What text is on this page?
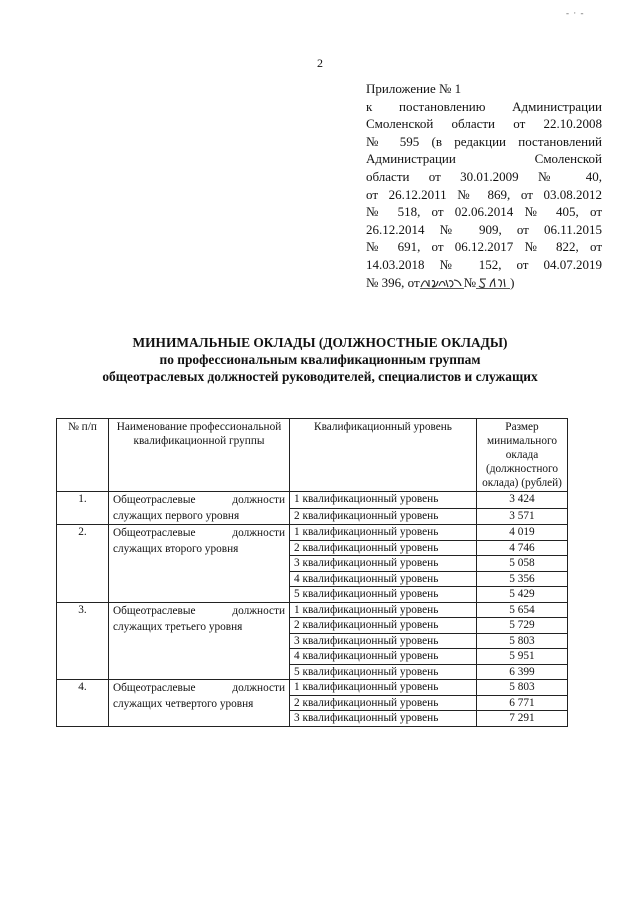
- · -
2
Приложение № 1
к постановлению Администрации
Смоленской области от 22.10.2008
№ 595 (в редакции постановлений
Администрации Смоленской
области от 30.01.2009 № 40,
от 26.12.2011 № 869, от 03.08.2012
№ 518, от 02.06.2014 № 405, от
26.12.2014 № 909, от 06.11.2015
№ 691, от 06.12.2017 № 822, от
14.03.2018 № 152, от 04.07.2019
№ 396, от	№	)
МИНИМАЛЬНЫЕ ОКЛАДЫ (ДОЛЖНОСТНЫЕ ОКЛАДЫ)
по профессиональным квалификационным группам
общеотраслевых должностей руководителей, специалистов и служащих
№ п/п	Наименование профессиональной квалификационной группы	Квалификационный уровень	Размер минимального оклада (должностного оклада) (рублей)
1.	Общеотраслевые должности служащих первого уровня	1 квалификационный уровень	3 424
		2 квалификационный уровень	3 571
2.	Общеотраслевые должности служащих второго уровня	1 квалификационный уровень	4 019
		2 квалификационный уровень	4 746
		3 квалификационный уровень	5 058
		4 квалификационный уровень	5 356
		5 квалификационный уровень	5 429
3.	Общеотраслевые должности служащих третьего уровня	1 квалификационный уровень	5 654
		2 квалификационный уровень	5 729
		3 квалификационный уровень	5 803
		4 квалификационный уровень	5 951
		5 квалификационный уровень	6 399
4.	Общеотраслевые должности служащих четвертого уровня	1 квалификационный уровень	5 803
		2 квалификационный уровень	6 771
		3 квалификационный уровень	7 291
